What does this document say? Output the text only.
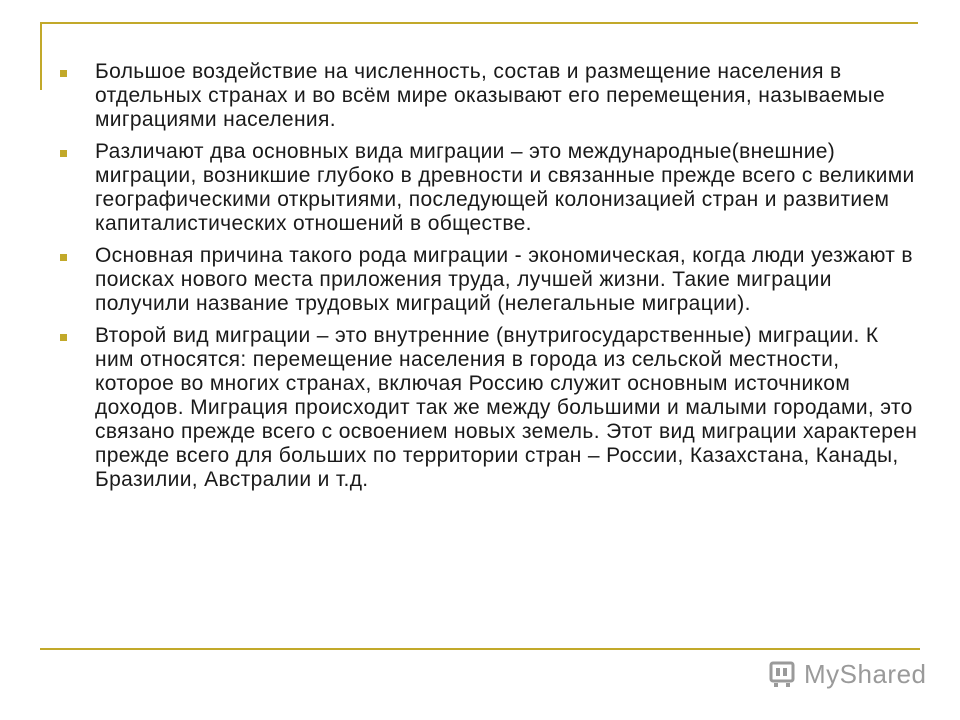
Большое воздействие на численность, состав и размещение населения в отдельных странах и во всём мире оказывают его перемещения, называемые миграциями населения.
Различают два основных вида миграции – это международные(внешние) миграции, возникшие глубоко в древности и связанные прежде всего с великими географическими открытиями, последующей колонизацией стран и развитием капиталистических отношений в обществе.
Основная причина такого рода миграции - экономическая, когда люди уезжают в поисках нового места приложения труда, лучшей жизни. Такие миграции получили название трудовых миграций (нелегальные миграции).
Второй вид миграции – это внутренние (внутригосударственные) миграции. К ним относятся: перемещение населения в города из сельской местности, которое во многих странах, включая Россию служит основным источником доходов. Миграция происходит так же между большими и малыми городами, это связано прежде всего с освоением новых земель. Этот вид миграции характерен прежде всего для больших по территории стран – России, Казахстана, Канады, Бразилии, Австралии и т.д.
MyShared
